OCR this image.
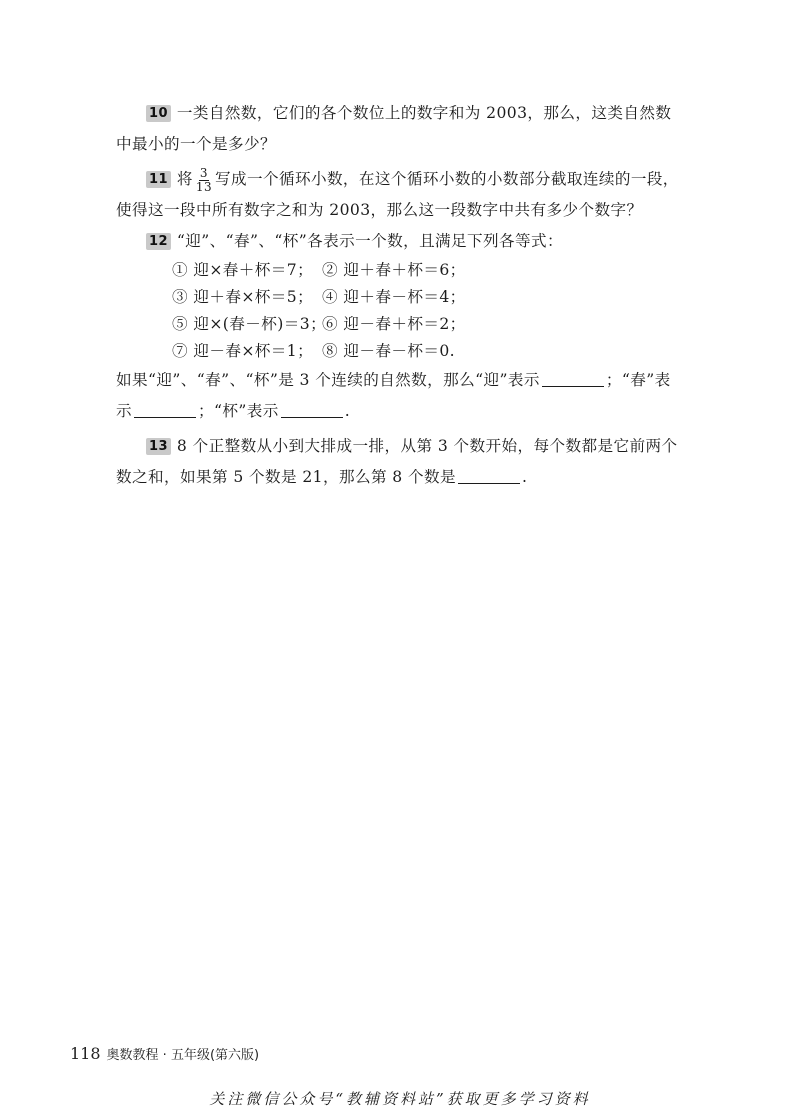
10 一类自然数，它们的各个数位上的数字和为 2003，那么，这类自然数中最小的一个是多少？

11 将 $\frac{3}{13}$ 写成一个循环小数，在这个循环小数的小数部分截取连续的一段，使得这一段中所有数字之和为 2003，那么这一段数字中共有多少个数字？

12 “迎”、“春”、“杯”各表示一个数，且满足下列各等式：

① 迎×春＋杯＝7； ② 迎＋春＋杯＝6；
③ 迎＋春×杯＝5； ④ 迎＋春－杯＝4；
⑤ 迎×(春－杯)＝3；
⑥ 迎－春＋杯＝2；
⑦ 迎－春×杯＝1； ⑧ 迎－春－杯＝0.

如果“迎”、“春”、“杯”是 3 个连续的自然数，那么“迎”表示	；“春”表示	；“杯”表示	.

13 8 个正整数从小到大排成一排，从第 3 个数开始，每个数都是它前两个数之和，如果第 5 个数是 21，那么第 8 个数是	.

118 奥数教程 · 五年级(第六版)
关注微信公众号“教辅资料站”获取更多学习资料
